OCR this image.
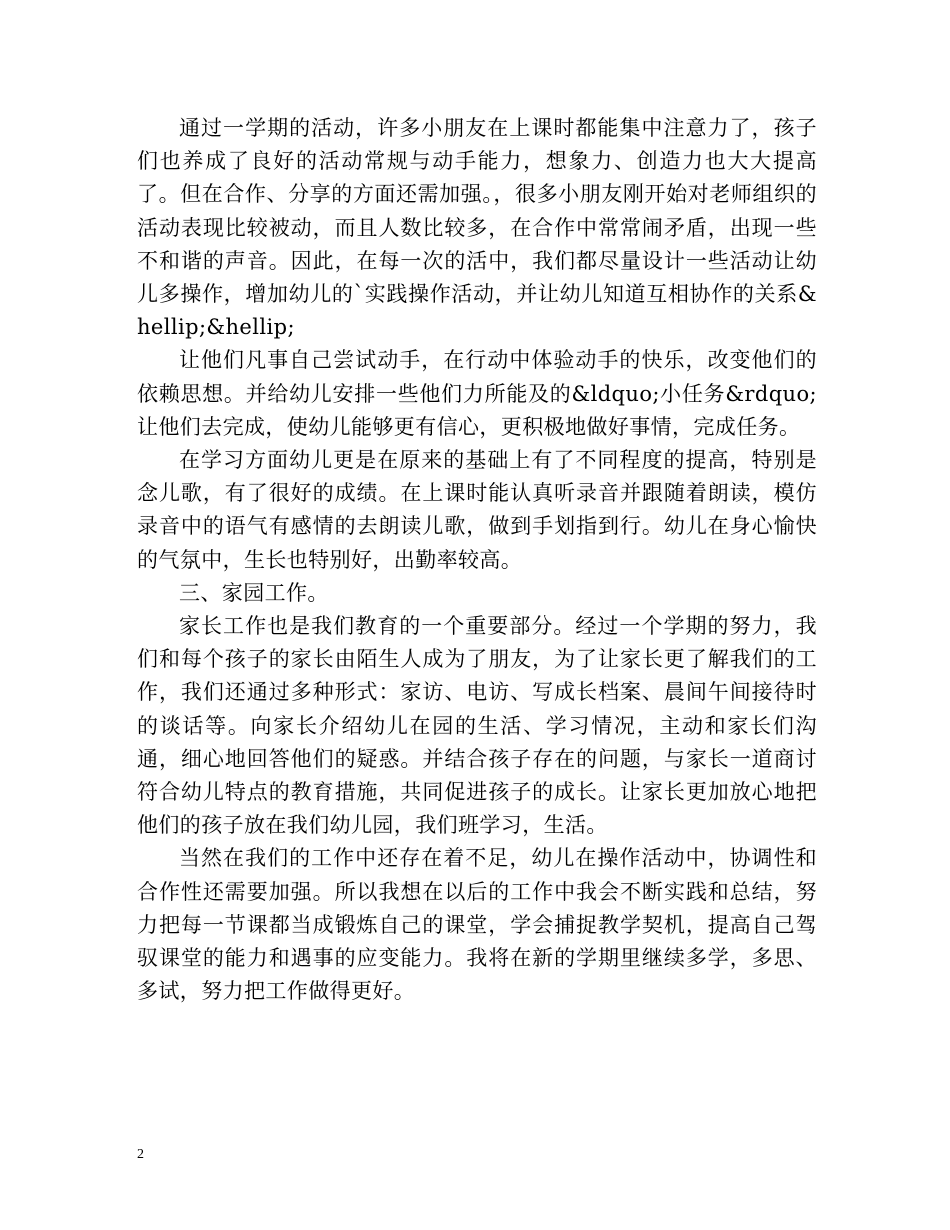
通过一学期的活动，许多小朋友在上课时都能集中注意力了，孩子们也养成了良好的活动常规与动手能力，想象力、创造力也大大提高了。但在合作、分享的方面还需加强。，很多小朋友刚开始对老师组织的活动表现比较被动，而且人数比较多，在合作中常常闹矛盾，出现一些不和谐的声音。因此，在每一次的活中，我们都尽量设计一些活动让幼儿多操作，增加幼儿的`实践操作活动，并让幼儿知道互相协作的关系&hellip;&hellip;

让他们凡事自己尝试动手，在行动中体验动手的快乐，改变他们的依赖思想。并给幼儿安排一些他们力所能及的&ldquo;小任务&rdquo;让他们去完成，使幼儿能够更有信心，更积极地做好事情，完成任务。

在学习方面幼儿更是在原来的基础上有了不同程度的提高，特别是念儿歌，有了很好的成绩。在上课时能认真听录音并跟随着朗读，模仿录音中的语气有感情的去朗读儿歌，做到手划指到行。幼儿在身心愉快的气氛中，生长也特别好，出勤率较高。

三、家园工作。

家长工作也是我们教育的一个重要部分。经过一个学期的努力，我们和每个孩子的家长由陌生人成为了朋友，为了让家长更了解我们的工作，我们还通过多种形式：家访、电访、写成长档案、晨间午间接待时的谈话等。向家长介绍幼儿在园的生活、学习情况，主动和家长们沟通，细心地回答他们的疑惑。并结合孩子存在的问题，与家长一道商讨符合幼儿特点的教育措施，共同促进孩子的成长。让家长更加放心地把他们的孩子放在我们幼儿园，我们班学习，生活。

当然在我们的工作中还存在着不足，幼儿在操作活动中，协调性和合作性还需要加强。所以我想在以后的工作中我会不断实践和总结，努力把每一节课都当成锻炼自己的课堂，学会捕捉教学契机，提高自己驾驭课堂的能力和遇事的应变能力。我将在新的学期里继续多学，多思、多试，努力把工作做得更好。

2
